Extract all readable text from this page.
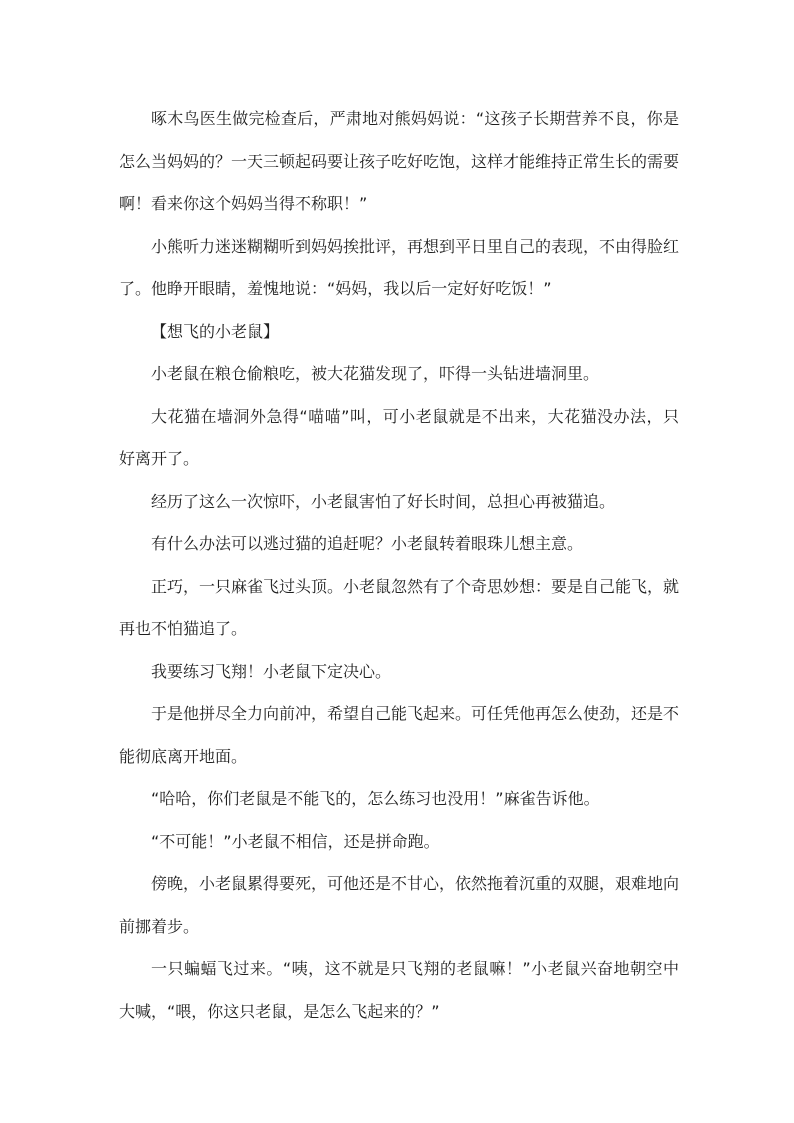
啄木鸟医生做完检查后，严肃地对熊妈妈说：“这孩子长期营养不良，你是怎么当妈妈的？一天三顿起码要让孩子吃好吃饱，这样才能维持正常生长的需要啊！看来你这个妈妈当得不称职！”

小熊听力迷迷糊糊听到妈妈挨批评，再想到平日里自己的表现，不由得脸红了。他睁开眼睛，羞愧地说：“妈妈，我以后一定好好吃饭！”

【想飞的小老鼠】

小老鼠在粮仓偷粮吃，被大花猫发现了，吓得一头钻进墙洞里。

大花猫在墙洞外急得“喵喵”叫，可小老鼠就是不出来，大花猫没办法，只好离开了。

经历了这么一次惊吓，小老鼠害怕了好长时间，总担心再被猫追。

有什么办法可以逃过猫的追赶呢？小老鼠转着眼珠儿想主意。

正巧，一只麻雀飞过头顶。小老鼠忽然有了个奇思妙想：要是自己能飞，就再也不怕猫追了。

我要练习飞翔！小老鼠下定决心。

于是他拼尽全力向前冲，希望自己能飞起来。可任凭他再怎么使劲，还是不能彻底离开地面。

“哈哈，你们老鼠是不能飞的，怎么练习也没用！”麻雀告诉他。

“不可能！”小老鼠不相信，还是拼命跑。

傍晚，小老鼠累得要死，可他还是不甘心，依然拖着沉重的双腿，艰难地向前挪着步。

一只蝙蝠飞过来。“咦，这不就是只飞翔的老鼠嘛！”小老鼠兴奋地朝空中大喊，“喂，你这只老鼠，是怎么飞起来的？”
